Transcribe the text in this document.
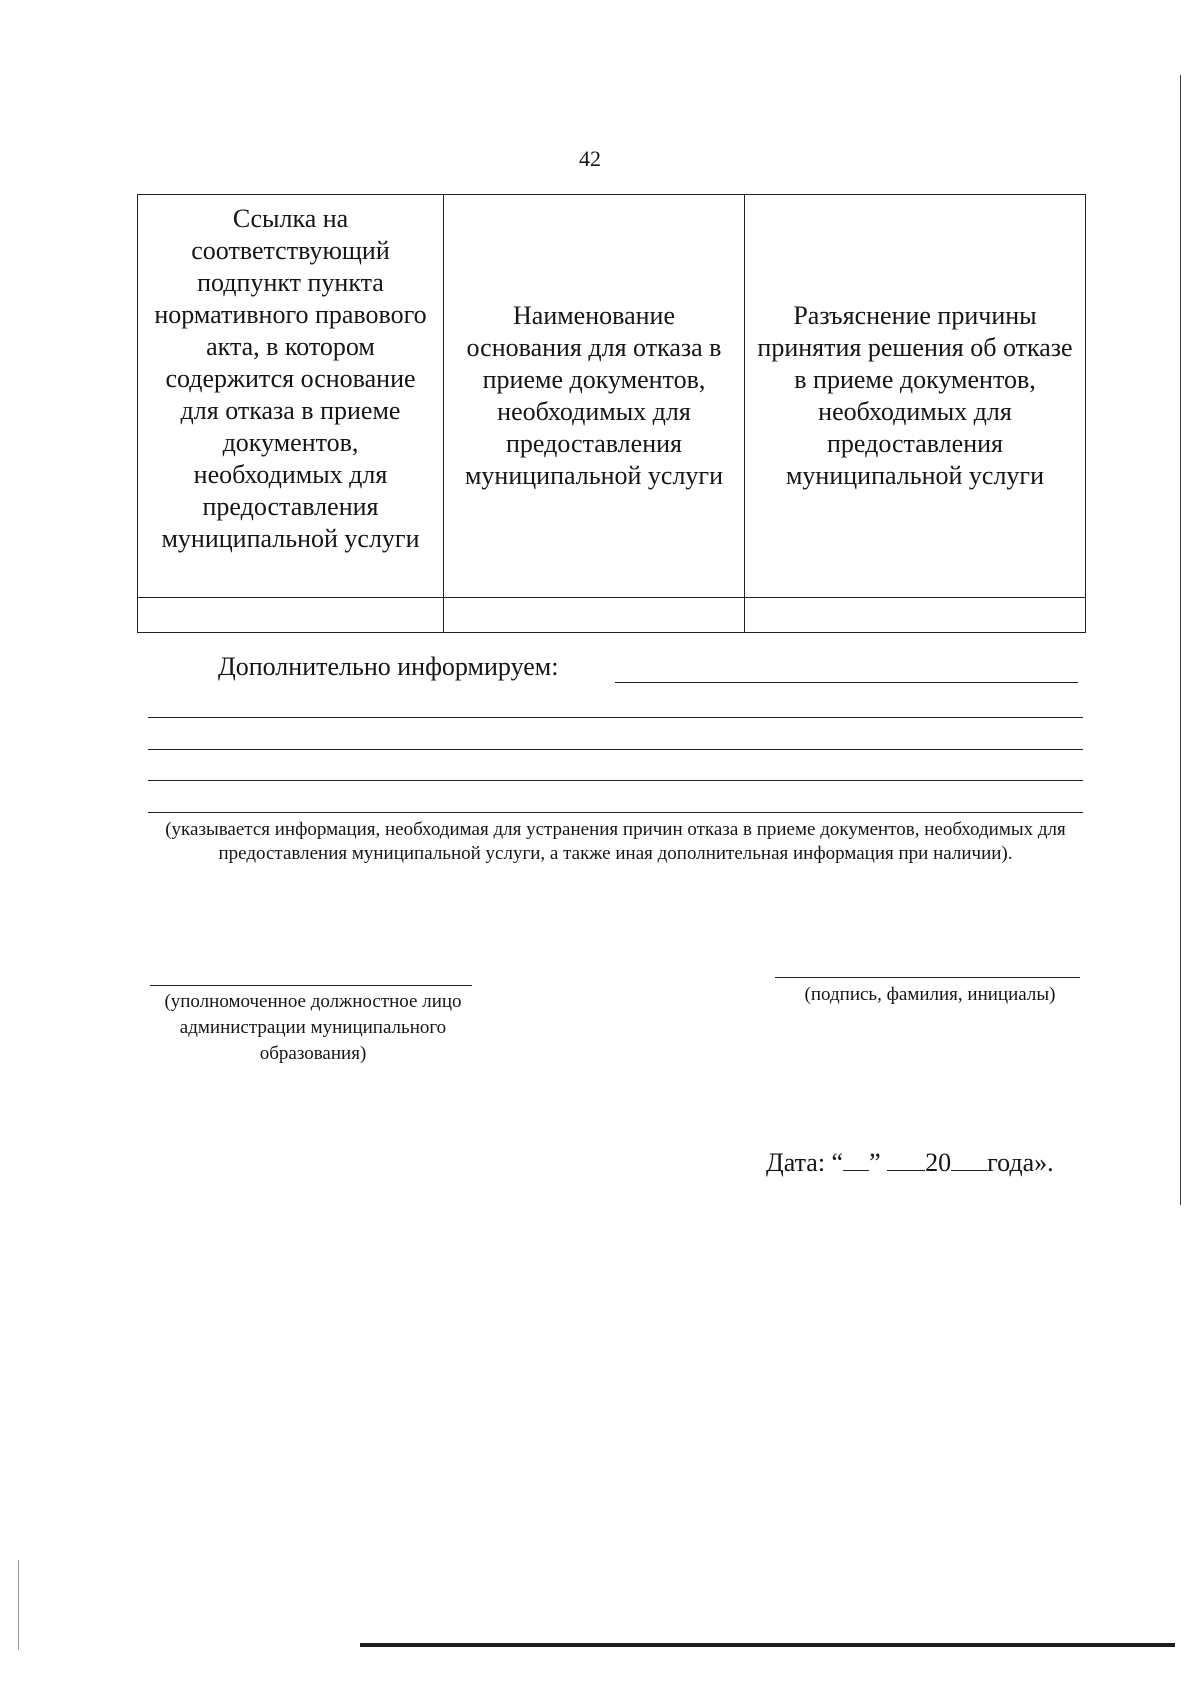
42
Ссылка на соответствующий подпункт пункта нормативного правового акта, в котором содержится основание для отказа в приеме документов, необходимых для предоставления муниципальной услуги	Наименование основания для отказа в приеме документов, необходимых для предоставления муниципальной услуги	Разъяснение причины принятия решения об отказе в приеме документов, необходимых для предоставления муниципальной услуги

Дополнительно информируем:
(указывается информация, необходимая для устранения причин отказа в приеме документов, необходимых для предоставления муниципальной услуги, а также иная дополнительная информация при наличии).
(уполномоченное должностное лицо администрации муниципального образования)
(подпись, фамилия, инициалы)
Дата: “ ” 20 года».
